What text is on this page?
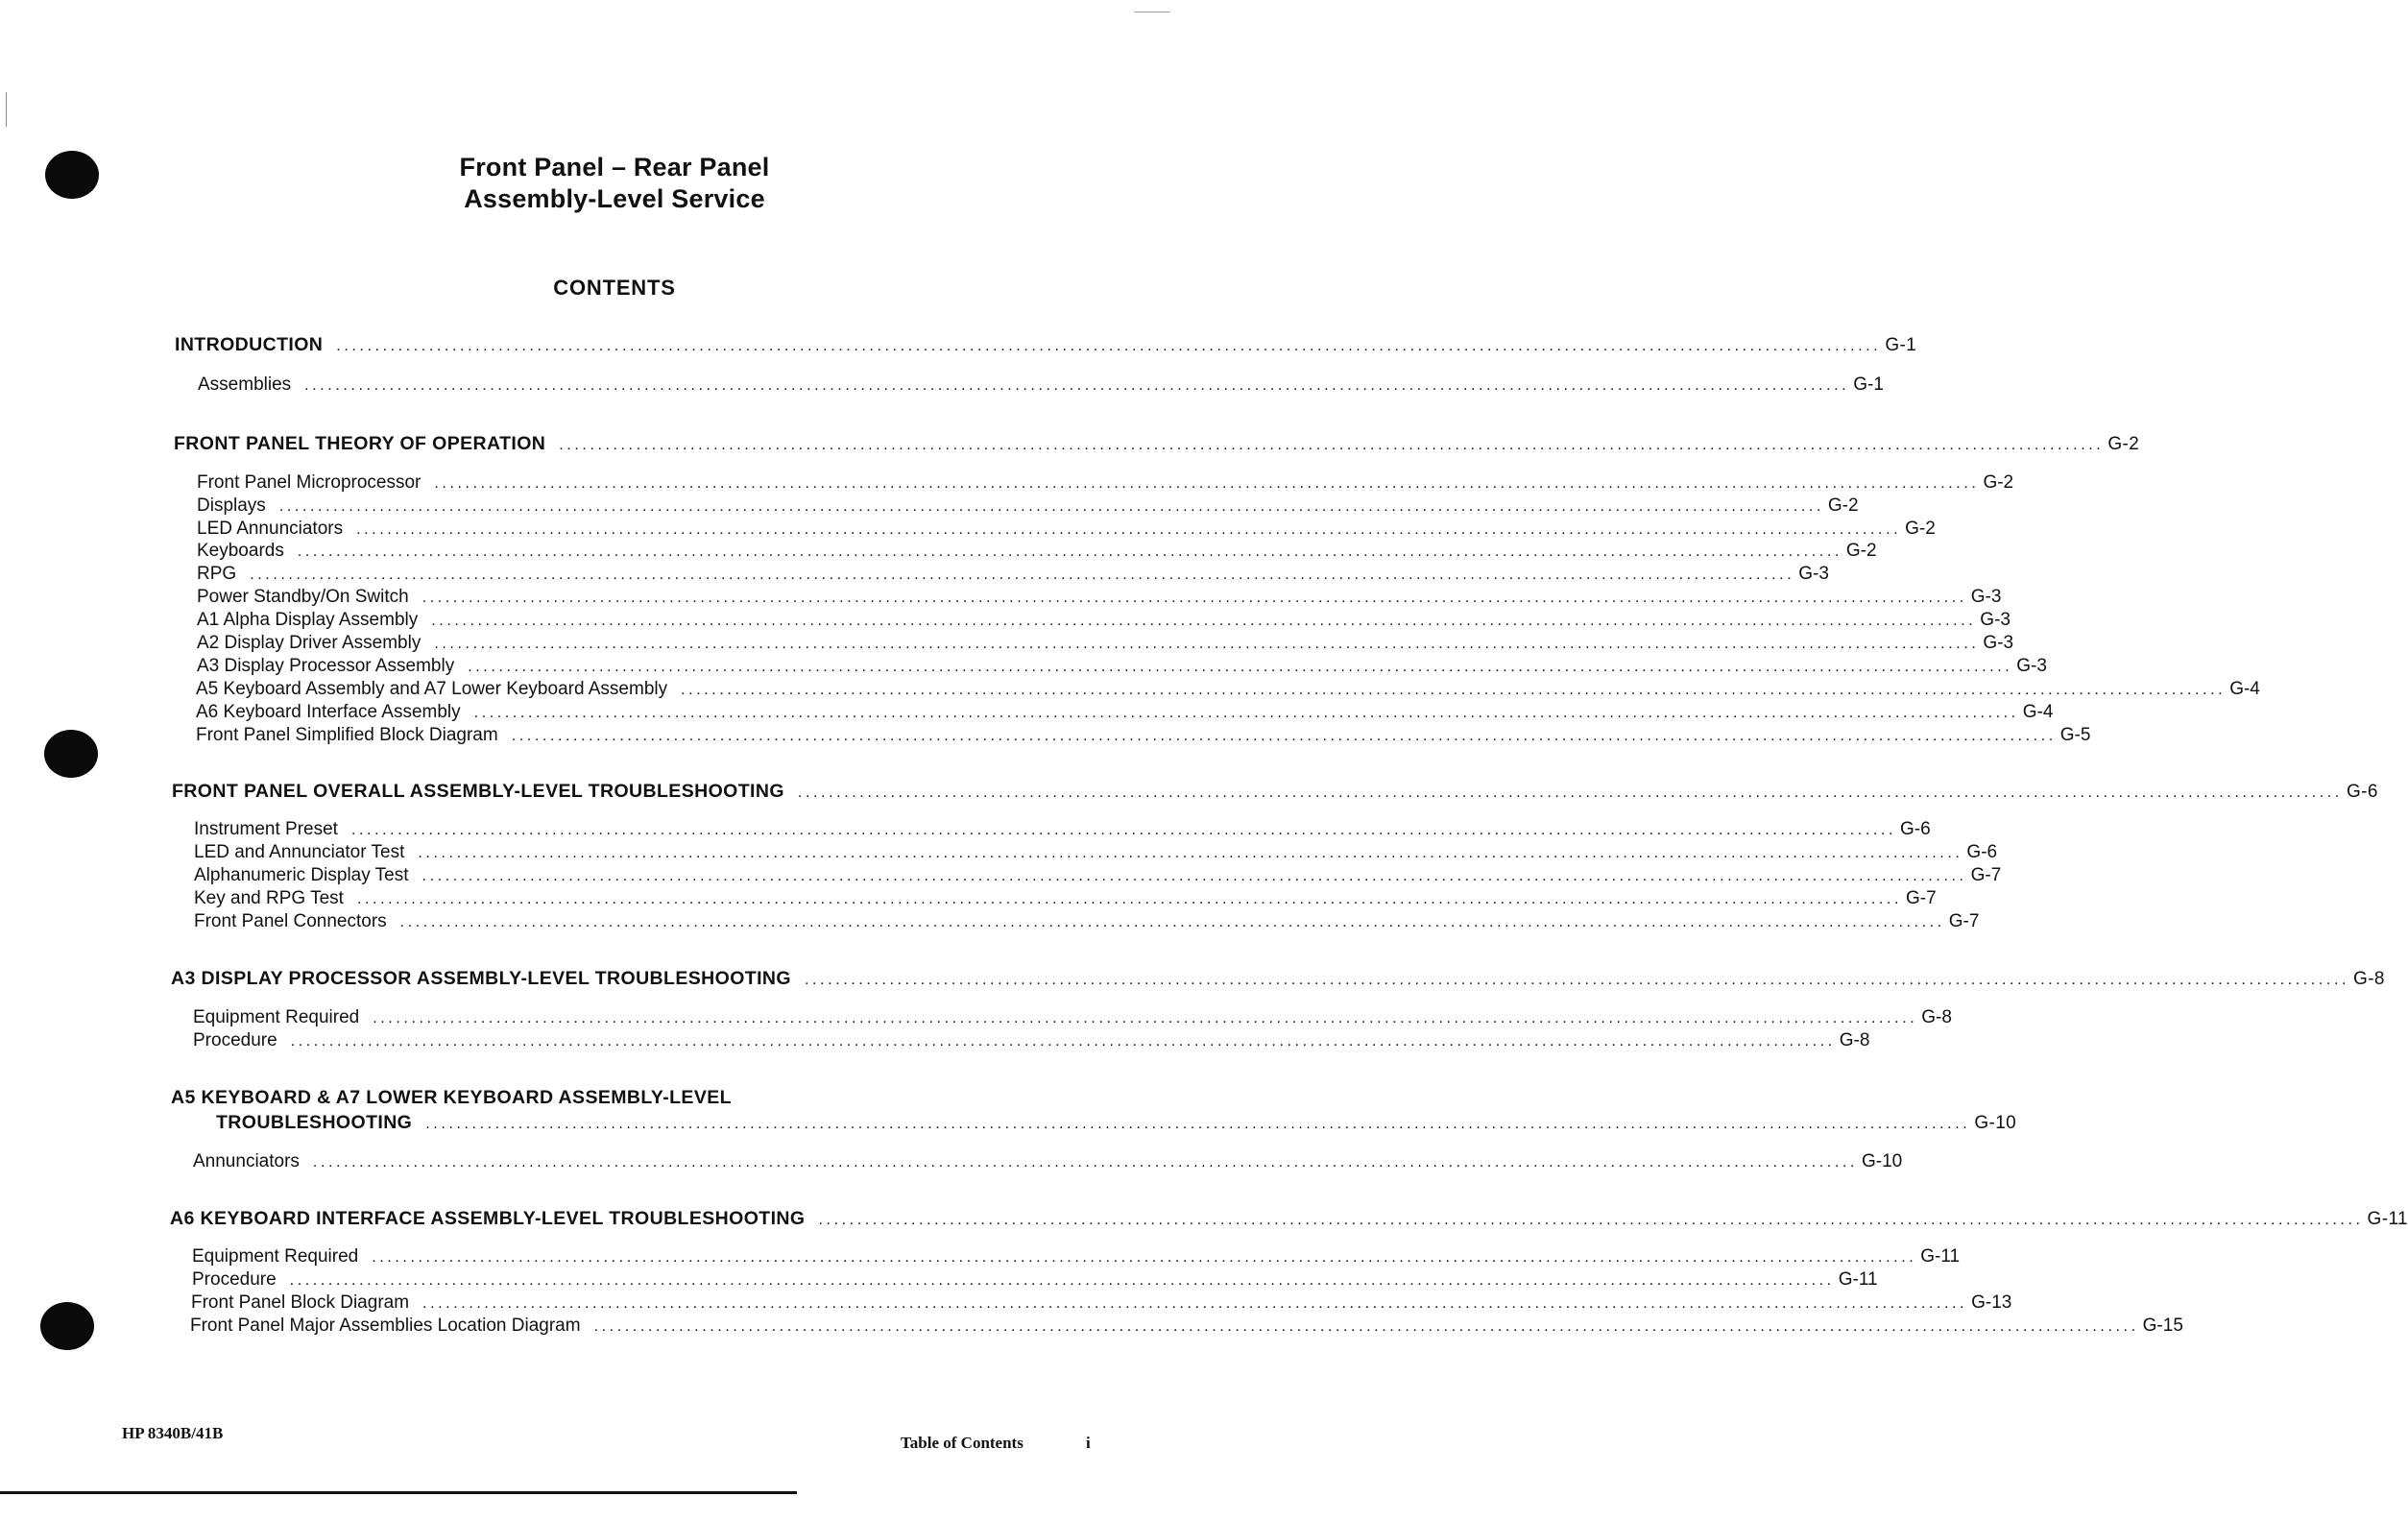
Front Panel – Rear Panel
Assembly-Level Service
CONTENTS
INTRODUCTION ........................................................................................................................................................................................................ G-1
Assemblies ........................................................................................................................................................................................................ G-1
FRONT PANEL THEORY OF OPERATION ........................................................................................................................................................................................................ G-2
Front Panel Microprocessor ........................................................................................................................................................................................................ G-2
Displays ........................................................................................................................................................................................................ G-2
LED Annunciators ........................................................................................................................................................................................................ G-2
Keyboards ........................................................................................................................................................................................................ G-2
RPG ........................................................................................................................................................................................................ G-3
Power Standby/On Switch ........................................................................................................................................................................................................ G-3
A1 Alpha Display Assembly ........................................................................................................................................................................................................ G-3
A2 Display Driver Assembly ........................................................................................................................................................................................................ G-3
A3 Display Processor Assembly ........................................................................................................................................................................................................ G-3
A5 Keyboard Assembly and A7 Lower Keyboard Assembly ........................................................................................................................................................................................................ G-4
A6 Keyboard Interface Assembly ........................................................................................................................................................................................................ G-4
Front Panel Simplified Block Diagram ........................................................................................................................................................................................................ G-5
FRONT PANEL OVERALL ASSEMBLY-LEVEL TROUBLESHOOTING ........................................................................................................................................................................................................ G-6
Instrument Preset ........................................................................................................................................................................................................ G-6
LED and Annunciator Test ........................................................................................................................................................................................................ G-6
Alphanumeric Display Test ........................................................................................................................................................................................................ G-7
Key and RPG Test ........................................................................................................................................................................................................ G-7
Front Panel Connectors ........................................................................................................................................................................................................ G-7
A3 DISPLAY PROCESSOR ASSEMBLY-LEVEL TROUBLESHOOTING ........................................................................................................................................................................................................ G-8
Equipment Required ........................................................................................................................................................................................................ G-8
Procedure ........................................................................................................................................................................................................ G-8
A5 KEYBOARD & A7 LOWER KEYBOARD ASSEMBLY-LEVEL
TROUBLESHOOTING ........................................................................................................................................................................................................ G-10
Annunciators ........................................................................................................................................................................................................ G-10
A6 KEYBOARD INTERFACE ASSEMBLY-LEVEL TROUBLESHOOTING ........................................................................................................................................................................................................ G-11
Equipment Required ........................................................................................................................................................................................................ G-11
Procedure ........................................................................................................................................................................................................ G-11
Front Panel Block Diagram ........................................................................................................................................................................................................ G-13
Front Panel Major Assemblies Location Diagram ........................................................................................................................................................................................................ G-15
HP 8340B/41B
Table of Contents	i
